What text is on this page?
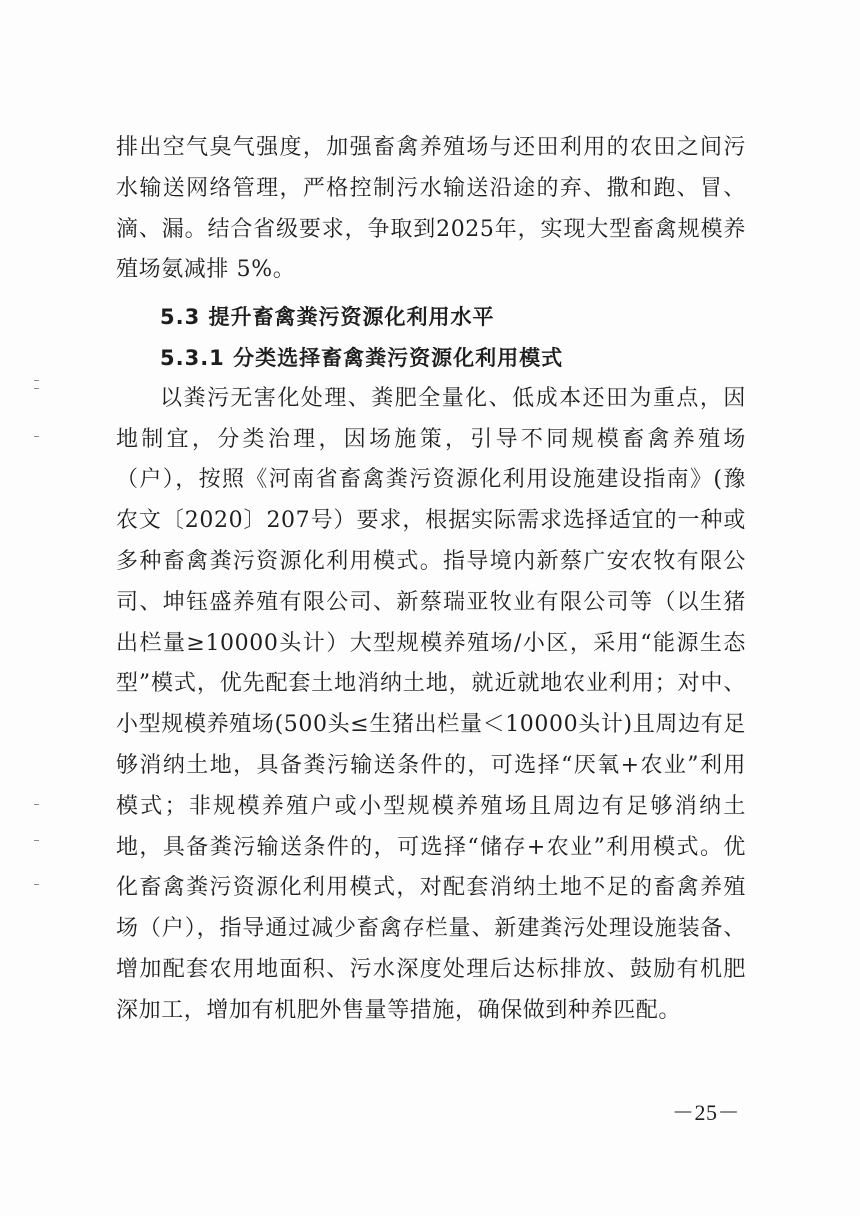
排出空气臭气强度，加强畜禽养殖场与还田利用的农田之间污水输送网络管理，严格控制污水输送沿途的弃、撒和跑、冒、滴、漏。结合省级要求，争取到2025年，实现大型畜禽规模养殖场氨减排 5%。

5.3 提升畜禽粪污资源化利用水平
5.3.1 分类选择畜禽粪污资源化利用模式

以粪污无害化处理、粪肥全量化、低成本还田为重点，因地制宜，分类治理，因场施策，引导不同规模畜禽养殖场（户），按照《河南省畜禽粪污资源化利用设施建设指南》(豫农文〔2020〕207号）要求，根据实际需求选择适宜的一种或多种畜禽粪污资源化利用模式。指导境内新蔡广安农牧有限公司、坤钰盛养殖有限公司、新蔡瑞亚牧业有限公司等（以生猪出栏量≥10000头计）大型规模养殖场/小区，采用“能源生态型”模式，优先配套土地消纳土地，就近就地农业利用；对中、小型规模养殖场(500头≤生猪出栏量＜10000头计)且周边有足够消纳土地，具备粪污输送条件的，可选择“厌氧+农业”利用模式；非规模养殖户或小型规模养殖场且周边有足够消纳土地，具备粪污输送条件的，可选择“储存+农业”利用模式。优化畜禽粪污资源化利用模式，对配套消纳土地不足的畜禽养殖场（户），指导通过减少畜禽存栏量、新建粪污处理设施装备、增加配套农用地面积、污水深度处理后达标排放、鼓励有机肥深加工，增加有机肥外售量等措施，确保做到种养匹配。

－25－
